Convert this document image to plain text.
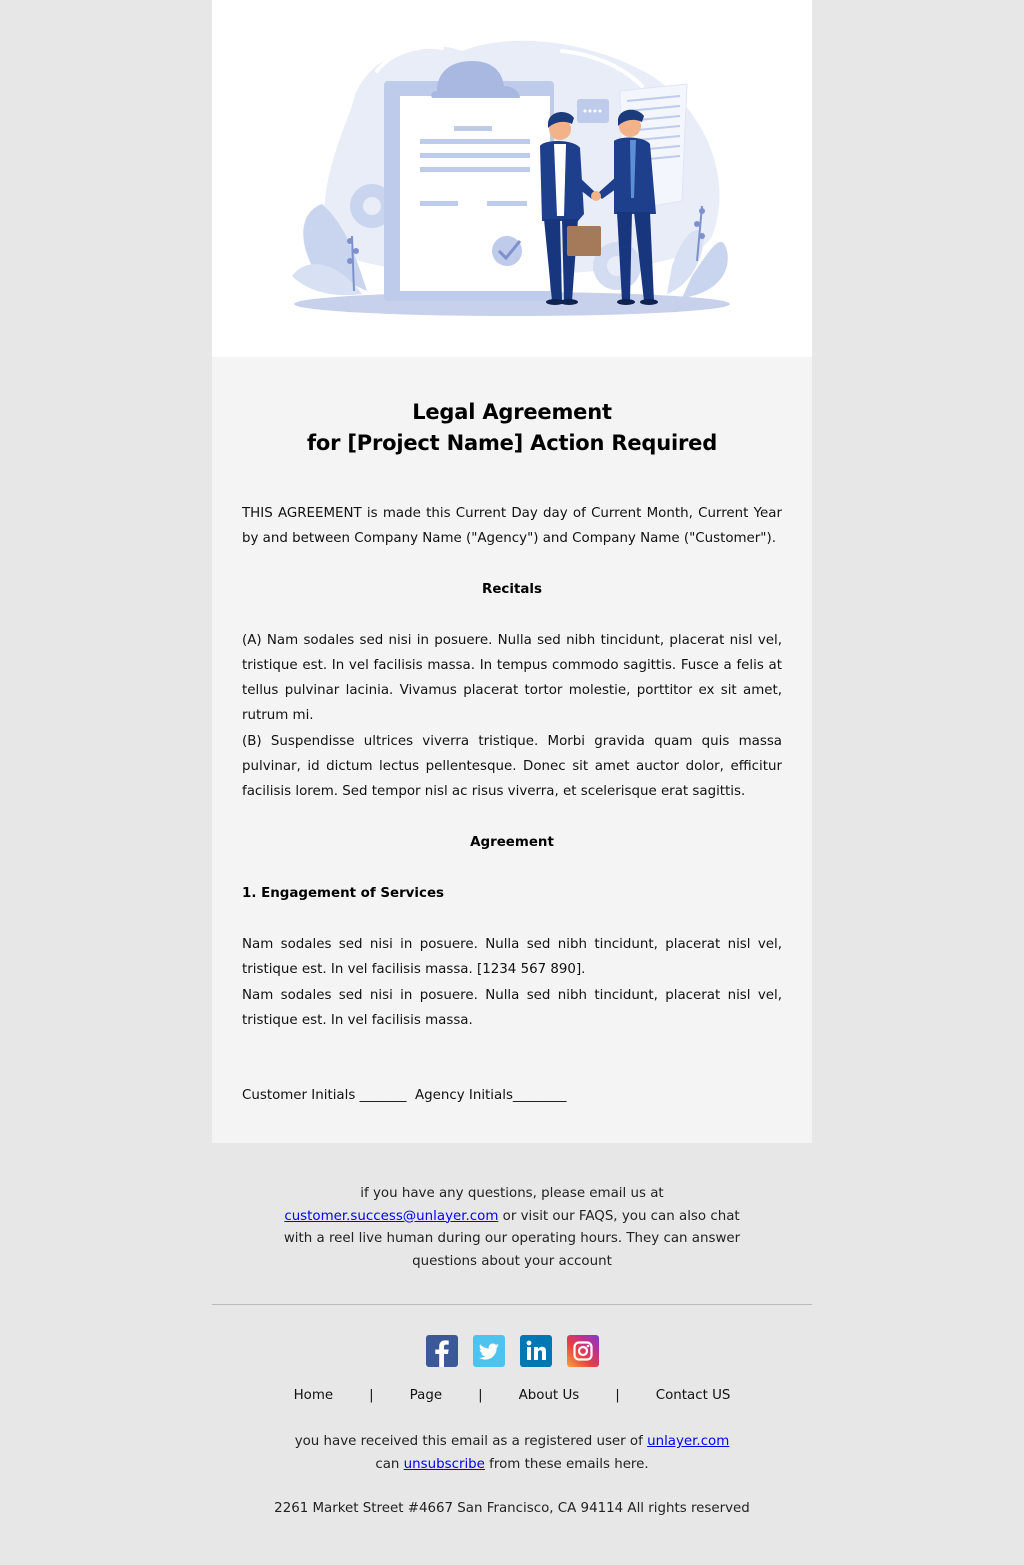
Legal Agreement
for [Project Name] Action Required

THIS AGREEMENT is made this Current Day day of Current Month, Current Year by and between Company Name ("Agency") and Company Name ("Customer").

Recitals

(A) Nam sodales sed nisi in posuere. Nulla sed nibh tincidunt, placerat nisl vel, tristique est. In vel facilisis massa. In tempus commodo sagittis. Fusce a felis at tellus pulvinar lacinia. Vivamus placerat tortor molestie, porttitor ex sit amet, rutrum mi.

(B) Suspendisse ultrices viverra tristique. Morbi gravida quam quis massa pulvinar, id dictum lectus pellentesque. Donec sit amet auctor dolor, efficitur facilisis lorem. Sed tempor nisl ac risus viverra, et scelerisque erat sagittis.

Agreement

1. Engagement of Services

Nam sodales sed nisi in posuere. Nulla sed nibh tincidunt, placerat nisl vel, tristique est. In vel facilisis massa. [1234 567 890].

Nam sodales sed nisi in posuere. Nulla sed nibh tincidunt, placerat nisl vel, tristique est. In vel facilisis massa.

Customer Initials _______  Agency Initials________

if you have any questions, please email us at
customer.success@unlayer.com or visit our FAQS, you can also chat with a reel live human during our operating hours. They can answer questions about your account
Home	|	Page	|	About Us	|	Contact US
you have received this email as a registered user of unlayer.com
can unsubscribe from these emails here.
2261 Market Street #4667 San Francisco, CA 94114 All rights reserved
